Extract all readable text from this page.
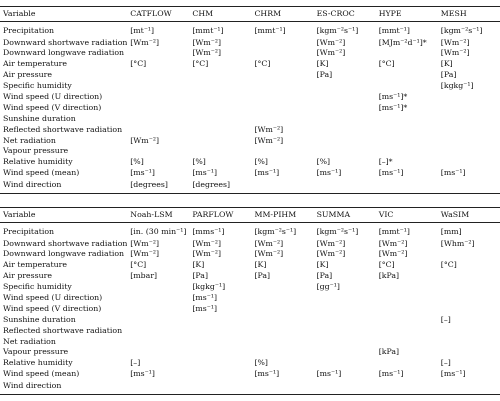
Variable	CATFLOW	CHM	CHRM	ES-CROC	HYPE	MESH
Precipitation	[mt⁻¹]	[mmt⁻¹]	[mmt⁻¹]	[kgm⁻²s⁻¹]	[mmt⁻¹]	[kgm⁻²s⁻¹]
Downward shortwave radiation	[Wm⁻²]	[Wm⁻²]		[Wm⁻²]	[MJm⁻²d⁻¹]*	[Wm⁻²]
Downward longwave radiation		[Wm⁻²]		[Wm⁻²]		[Wm⁻²]
Air temperature	[°C]	[°C]	[°C]	[K]	[°C]	[K]
Air pressure				[Pa]		[Pa]
Specific humidity						[kgkg⁻¹]
Wind speed (U direction)					[ms⁻¹]*	
Wind speed (V direction)					[ms⁻¹]*	
Sunshine duration						
Reflected shortwave radiation			[Wm⁻²]			
Net radiation	[Wm⁻²]		[Wm⁻²]			
Vapour pressure						
Relative humidity	[%]	[%]	[%]	[%]	[–]*	
Wind speed (mean)	[ms⁻¹]	[ms⁻¹]	[ms⁻¹]	[ms⁻¹]	[ms⁻¹]	[ms⁻¹]
Wind direction	[degrees]	[degrees]				
Variable	Noah-LSM	PARFLOW	MM-PIHM	SUMMA	VIC	WaSIM
Precipitation	[in. (30 min⁻¹]	[mms⁻¹]	[kgm⁻²s⁻¹]	[kgm⁻²s⁻¹]	[mmt⁻¹]	[mm]
Downward shortwave radiation	[Wm⁻²]	[Wm⁻²]	[Wm⁻²]	[Wm⁻²]	[Wm⁻²]	[Whm⁻²]
Downward longwave radiation	[Wm⁻²]	[Wm⁻²]	[Wm⁻²]	[Wm⁻²]	[Wm⁻²]	
Air temperature	[°C]	[K]	[K]	[K]	[°C]	[°C]
Air pressure	[mbar]	[Pa]	[Pa]	[Pa]	[kPa]	
Specific humidity		[kgkg⁻¹]		[gg⁻¹]		
Wind speed (U direction)		[ms⁻¹]				
Wind speed (V direction)		[ms⁻¹]				
Sunshine duration						[–]
Reflected shortwave radiation						
Net radiation						
Vapour pressure					[kPa]	
Relative humidity	[–]		[%]			[–]
Wind speed (mean)	[ms⁻¹]		[ms⁻¹]	[ms⁻¹]	[ms⁻¹]	[ms⁻¹]
Wind direction						
